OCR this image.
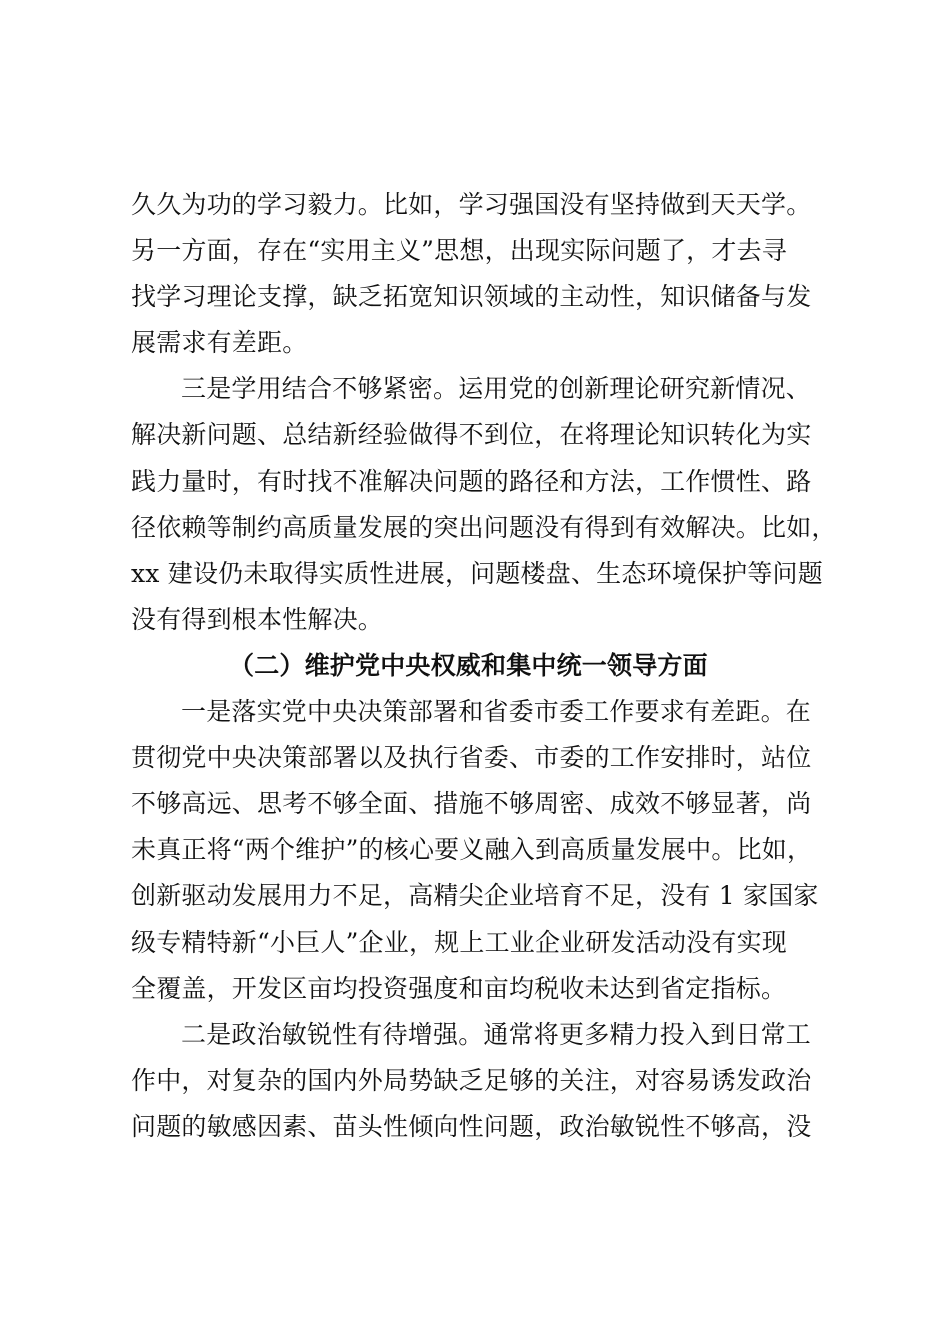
久久为功的学习毅力。比如，学习强国没有坚持做到天天学。
另一方面，存在“实用主义”思想，出现实际问题了，才去寻
找学习理论支撑，缺乏拓宽知识领域的主动性，知识储备与发
展需求有差距。
三是学用结合不够紧密。运用党的创新理论研究新情况、
解决新问题、总结新经验做得不到位，在将理论知识转化为实
践力量时，有时找不准解决问题的路径和方法，工作惯性、路
径依赖等制约高质量发展的突出问题没有得到有效解决。比如，
xx 建设仍未取得实质性进展，问题楼盘、生态环境保护等问题
没有得到根本性解决。
（二）维护党中央权威和集中统一领导方面
一是落实党中央决策部署和省委市委工作要求有差距。在
贯彻党中央决策部署以及执行省委、市委的工作安排时，站位
不够高远、思考不够全面、措施不够周密、成效不够显著，尚
未真正将“两个维护”的核心要义融入到高质量发展中。比如，
创新驱动发展用力不足，高精尖企业培育不足，没有 1 家国家
级专精特新“小巨人”企业，规上工业企业研发活动没有实现
全覆盖，开发区亩均投资强度和亩均税收未达到省定指标。
二是政治敏锐性有待增强。通常将更多精力投入到日常工
作中，对复杂的国内外局势缺乏足够的关注，对容易诱发政治
问题的敏感因素、苗头性倾向性问题，政治敏锐性不够高，没
